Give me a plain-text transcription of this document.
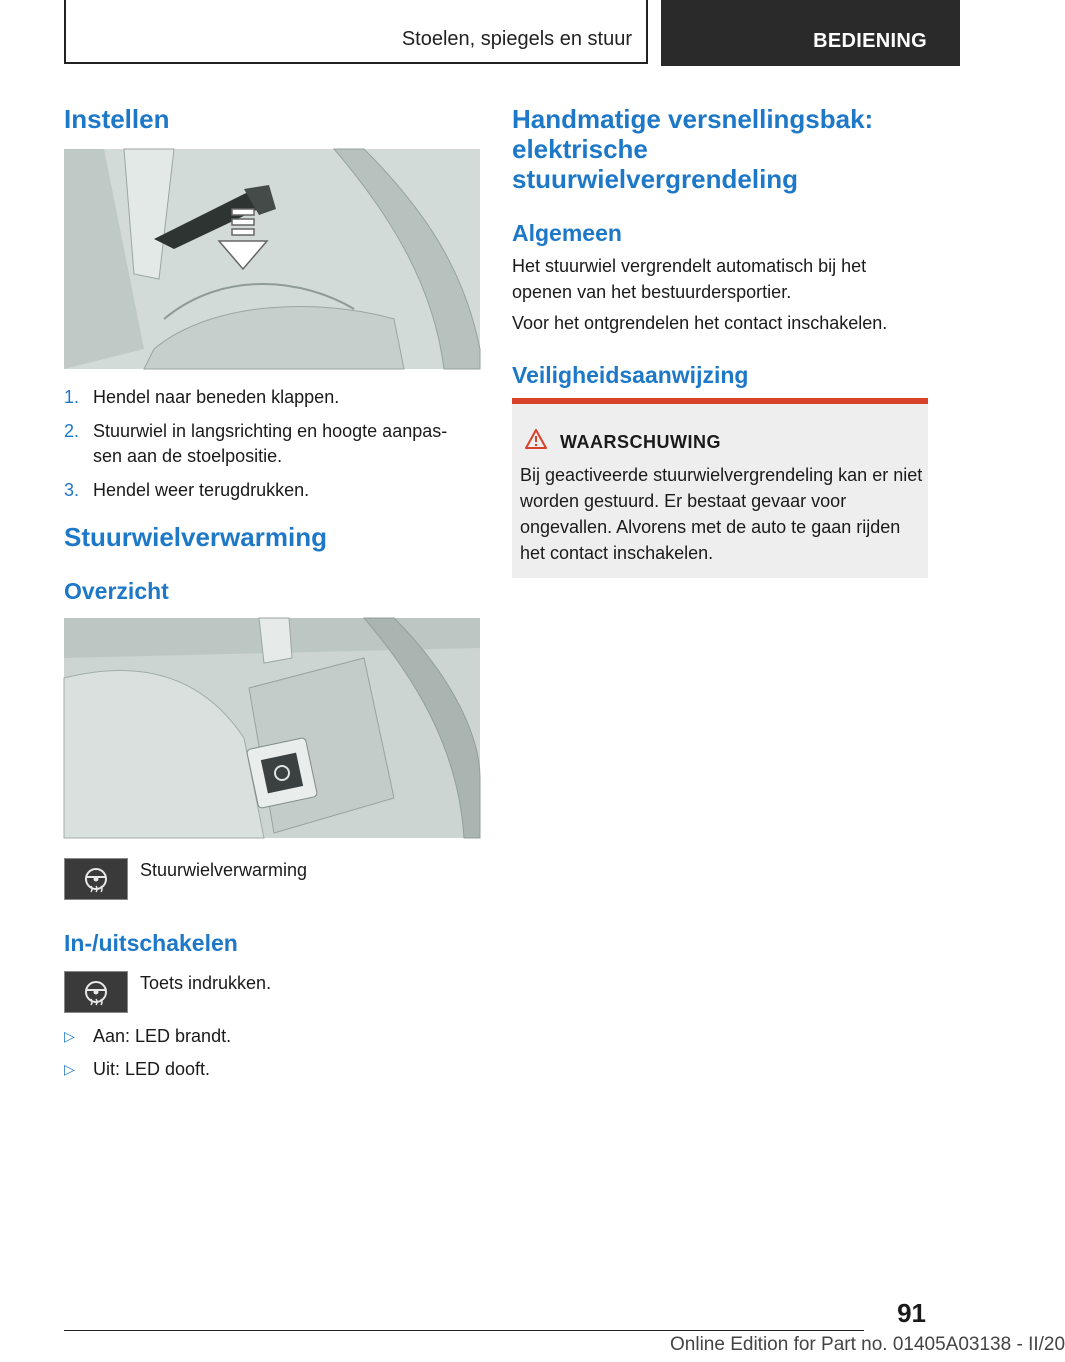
Stoelen, spiegels en stuur	BEDIENING
Instellen
1. Hendel naar beneden klappen.
2. Stuurwiel in langsrichting en hoogte aanpas‐ sen aan de stoelpositie.
3. Hendel weer terugdrukken.
Stuurwielverwarming
Overzicht
Stuurwielverwarming
In-/uitschakelen
Toets indrukken.
▷ Aan: LED brandt.
▷ Uit: LED dooft.
Handmatige versnellingsbak: elektrische stuurwielvergrendeling
Algemeen
Het stuurwiel vergrendelt automatisch bij het openen van het bestuurdersportier.
Voor het ontgrendelen het contact inschakelen.
Veiligheidsaanwijzing
WAARSCHUWING
Bij geactiveerde stuurwielvergrendeling kan er niet worden gestuurd. Er bestaat gevaar voor ongevallen. Alvorens met de auto te gaan rijden het contact inschakelen.
91
Online Edition for Part no. 01405A03138 - II/20
